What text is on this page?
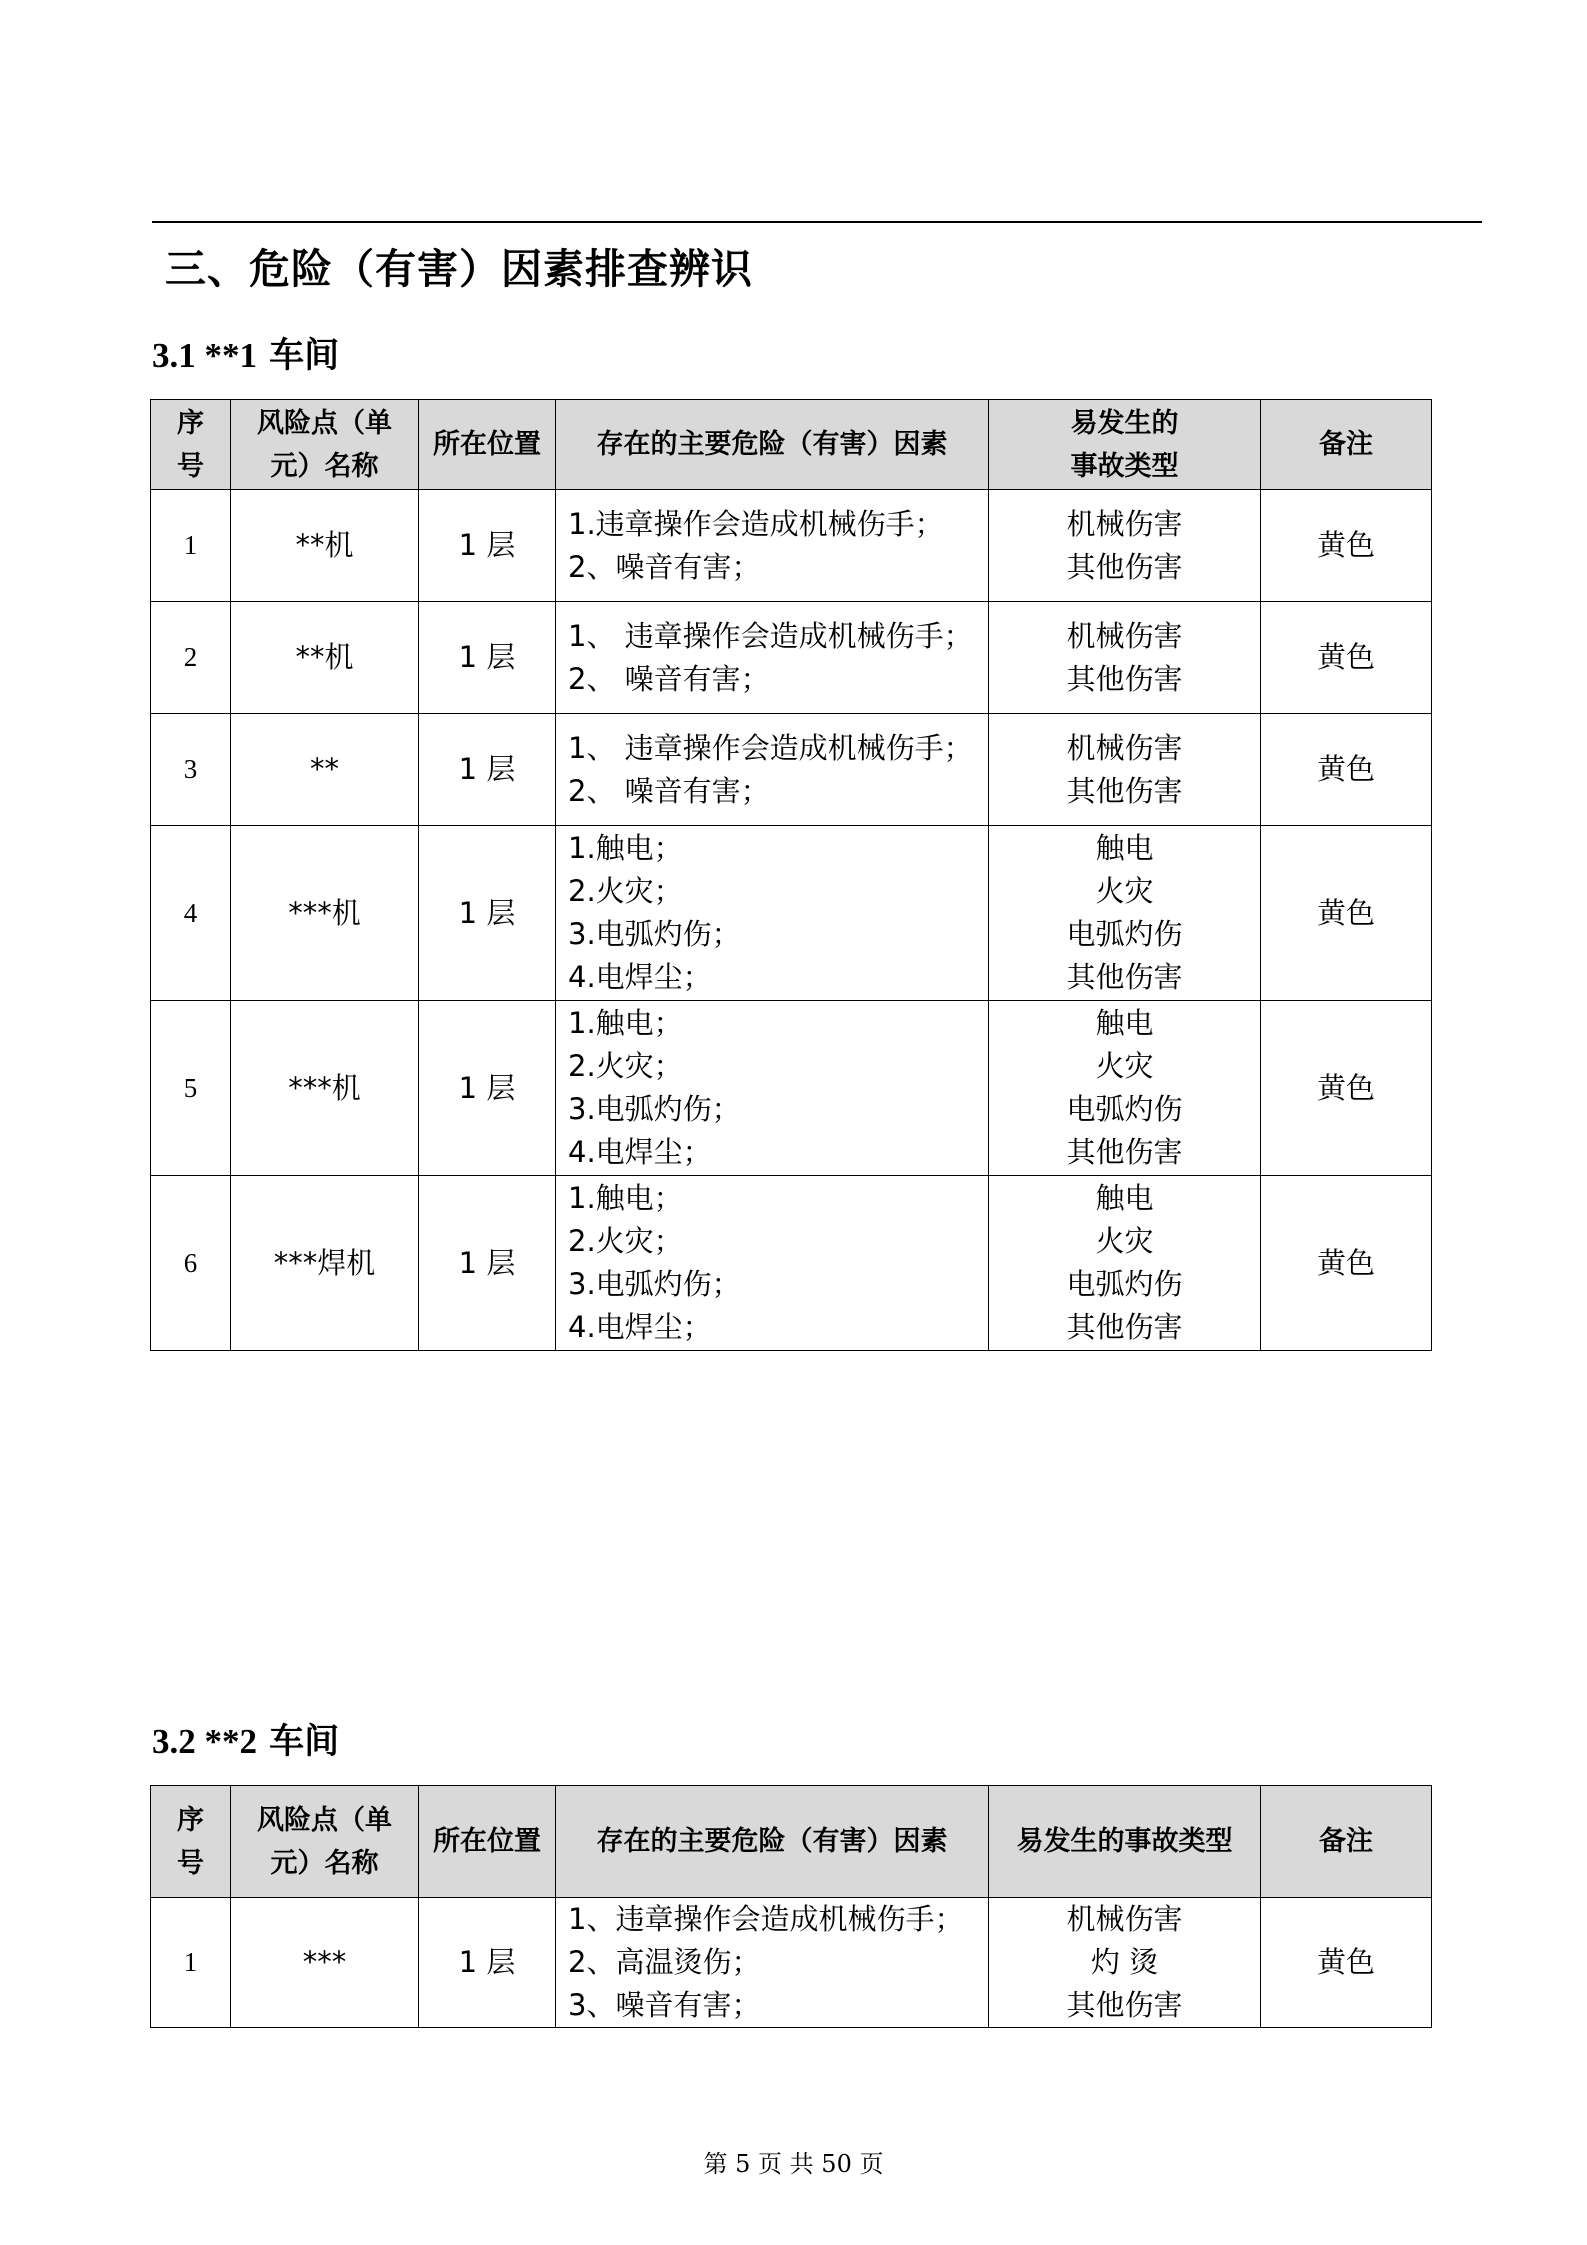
三、危险（有害）因素排查辨识
3.1 **1 车间
序
号	风险点（单
元）名称	所在位置	存在的主要危险（有害）因素	易发生的
事故类型	备注
1	**机	1 层	1.违章操作会造成机械伤手；
2、噪音有害；	机械伤害
其他伤害	黄色
2	**机	1 层	1、 违章操作会造成机械伤手；
2、 噪音有害；	机械伤害
其他伤害	黄色
3	**	1 层	1、 违章操作会造成机械伤手；
2、 噪音有害；	机械伤害
其他伤害	黄色
4	***机	1 层	1.触电；
2.火灾；
3.电弧灼伤；
4.电焊尘；	触电
火灾
电弧灼伤
其他伤害	黄色
5	***机	1 层	1.触电；
2.火灾；
3.电弧灼伤；
4.电焊尘；	触电
火灾
电弧灼伤
其他伤害	黄色
6	***焊机	1 层	1.触电；
2.火灾；
3.电弧灼伤；
4.电焊尘；	触电
火灾
电弧灼伤
其他伤害	黄色
3.2 **2 车间
序
号	风险点（单
元）名称	所在位置	存在的主要危险（有害）因素	易发生的事故类型	备注
1	***	1 层	1、违章操作会造成机械伤手；
2、高温烫伤；
3、噪音有害；	机械伤害
灼 烫
其他伤害	黄色
第 5 页 共 50 页
